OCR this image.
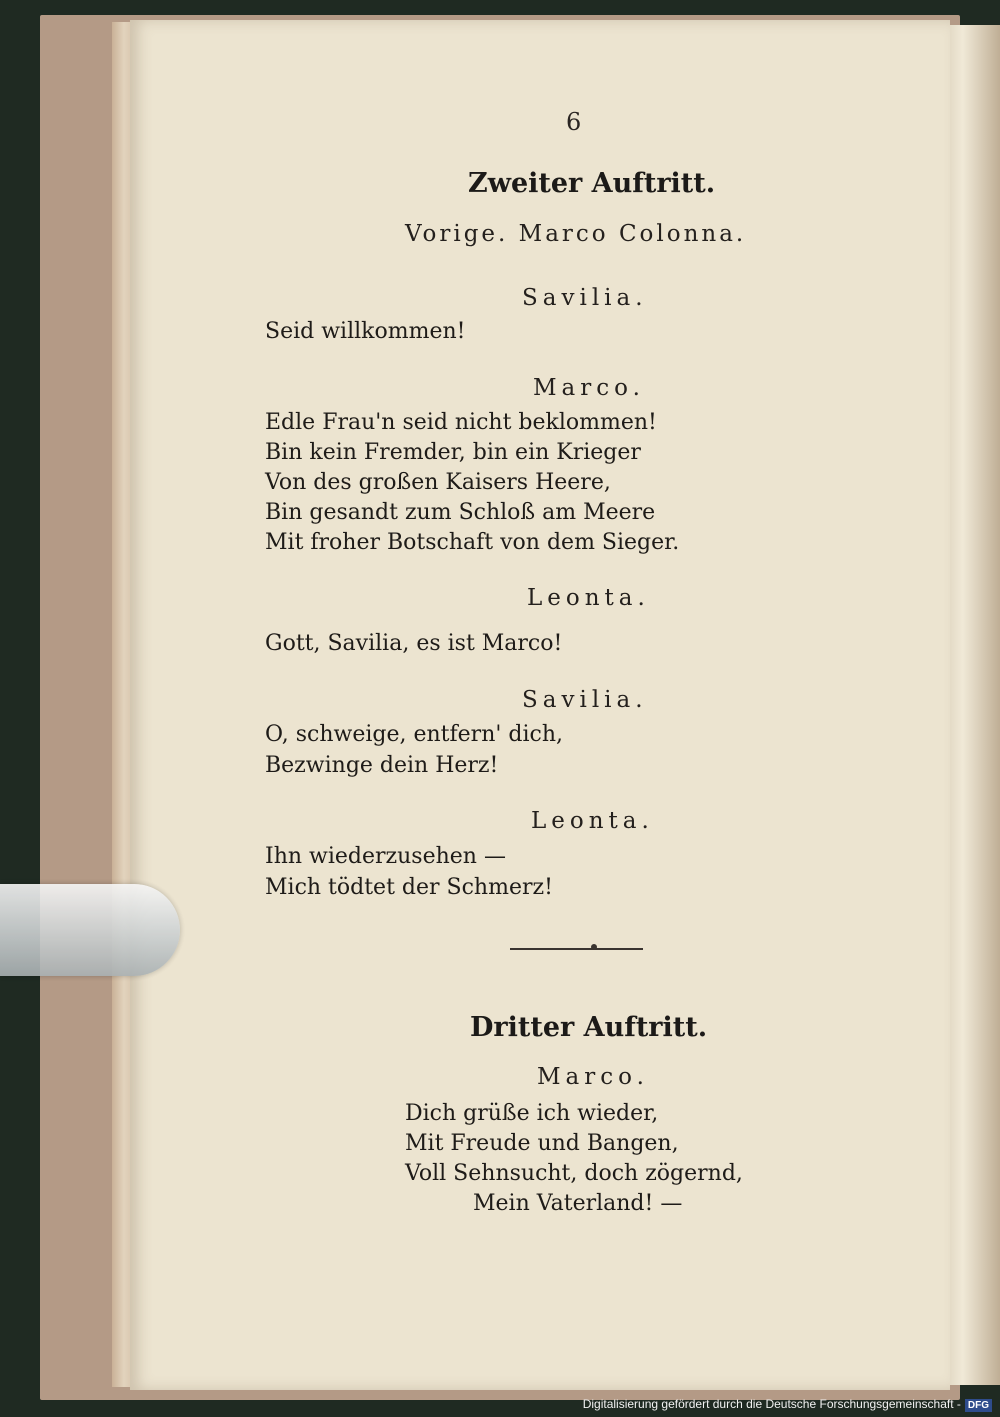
6
Zweiter Auftritt.
Vorige. Marco Colonna.
Savilia.
Seid willkommen!
Marco.
Edle Frau'n seid nicht beklommen!
Bin kein Fremder, bin ein Krieger
Von des großen Kaisers Heere,
Bin gesandt zum Schloß am Meere
Mit froher Botschaft von dem Sieger.
Leonta.
Gott, Savilia, es ist Marco!
Savilia.
O, schweige, entfern' dich,
Bezwinge dein Herz!
Leonta.
Ihn wiederzusehen —
Mich tödtet der Schmerz!
Dritter Auftritt.
Marco.
Dich grüße ich wieder,
Mit Freude und Bangen,
Voll Sehnsucht, doch zögernd,
Mein Vaterland! —
Digitalisierung gefördert durch die Deutsche Forschungsgemeinschaft - DFG
